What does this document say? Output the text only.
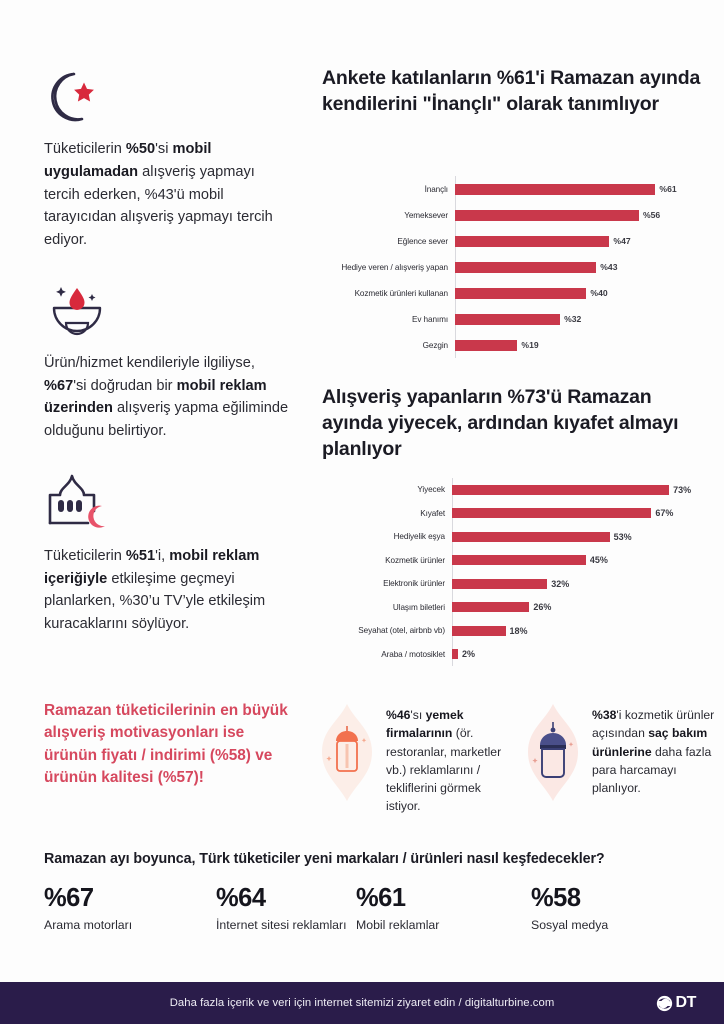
Tüketicilerin %50'si mobil uygulamadan alışveriş yapmayı tercih ederken, %43'ü mobil tarayıcıdan alışveriş yapmayı tercih ediyor.
Ürün/hizmet kendileriyle ilgiliyse, %67'si doğrudan bir mobil reklam üzerinden alışveriş yapma eğiliminde olduğunu belirtiyor.
Tüketicilerin %51'i, mobil reklam içeriğiyle etkileşime geçmeyi planlarken, %30’u TV’yle etkileşim kuracaklarını söylüyor.
Ramazan tüketicilerinin en büyük alışveriş motivasyonları ise ürünün fiyatı / indirimi (%58) ve ürünün kalitesi (%57)!
Ankete katılanların %61'i Ramazan ayında kendilerini "İnançlı" olarak tanımlıyor
İnançlı	%61
Yemeksever	%56
Eğlence sever	%47
Hediye veren / alışveriş yapan	%43
Kozmetik ürünleri kullanan	%40
Ev hanımı	%32
Gezgin	%19
Alışveriş yapanların %73'ü Ramazan ayında yiyecek, ardından kıyafet almayı planlıyor
Yiyecek	73%
Kıyafet	67%
Hediyelik eşya	53%
Kozmetik ürünler	45%
Elektronik ürünler	32%
Ulaşım biletleri	26%
Seyahat (otel, airbnb vb)	18%
Araba / motosiklet	2%
%46'sı yemek firmalarının (ör. restoranlar, marketler vb.) reklamlarını / tekliflerini görmek istiyor.
%38'i kozmetik ürünler açısından saç bakım ürünlerine daha fazla para harcamayı planlıyor.
Ramazan ayı boyunca, Türk tüketiciler yeni markaları / ürünleri nasıl keşfedecekler?
%67
Arama motorları
%64
İnternet sitesi reklamları
%61
Mobil reklamlar
%58
Sosyal medya
Daha fazla içerik ve veri için internet sitemizi ziyaret edin / digitalturbine.com	DT
